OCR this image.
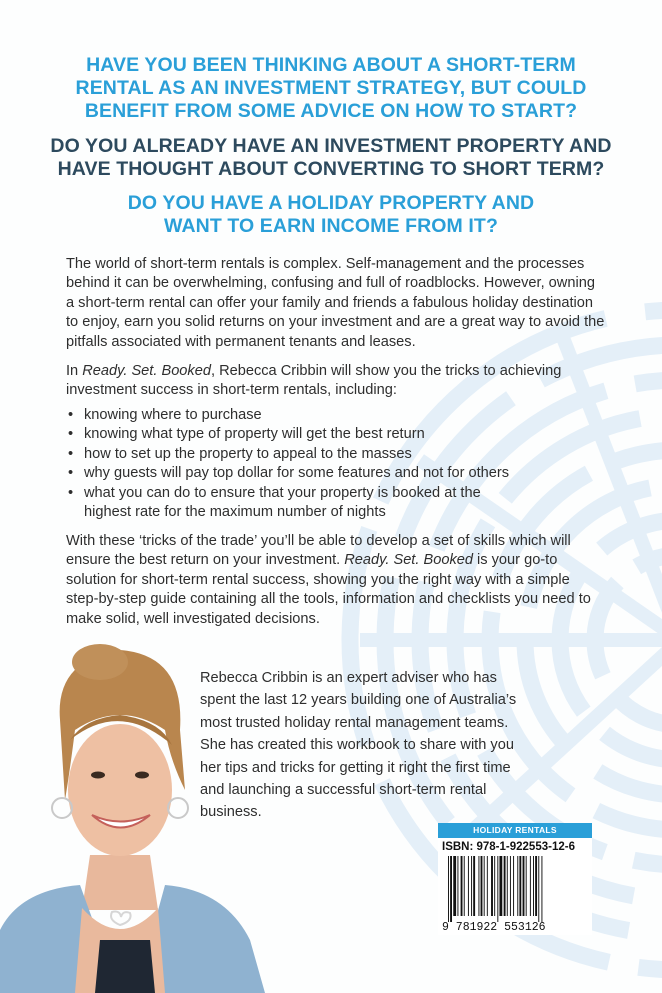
HAVE YOU BEEN THINKING ABOUT A SHORT-TERM
RENTAL AS AN INVESTMENT STRATEGY, BUT COULD
BENEFIT FROM SOME ADVICE ON HOW TO START?
DO YOU ALREADY HAVE AN INVESTMENT PROPERTY AND
HAVE THOUGHT ABOUT CONVERTING TO SHORT TERM?
DO YOU HAVE A HOLIDAY PROPERTY AND
WANT TO EARN INCOME FROM IT?

The world of short-term rentals is complex. Self-management and the processes behind it can be overwhelming, confusing and full of roadblocks. However, owning a short-term rental can offer your family and friends a fabulous holiday destination to enjoy, earn you solid returns on your investment and are a great way to avoid the pitfalls associated with permanent tenants and leases.

In Ready. Set. Booked, Rebecca Cribbin will show you the tricks to achieving investment success in short-term rentals, including:

• knowing where to purchase
• knowing what type of property will get the best return
• how to set up the property to appeal to the masses
• why guests will pay top dollar for some features and not for others
• what you can do to ensure that your property is booked at the highest rate for the maximum number of nights

With these ‘tricks of the trade’ you’ll be able to develop a set of skills which will ensure the best return on your investment. Ready. Set. Booked is your go-to solution for short-term rental success, showing you the right way with a simple step-by-step guide containing all the tools, information and checklists you need to make solid, well investigated decisions.

Rebecca Cribbin is an expert adviser who has spent the last 12 years building one of Australia’s most trusted holiday rental management teams. She has created this workbook to share with you her tips and tricks for getting it right the first time and launching a successful short-term rental business.
HOLIDAY RENTALS
ISBN: 978-1-922553-12-6
9 781922 553126
